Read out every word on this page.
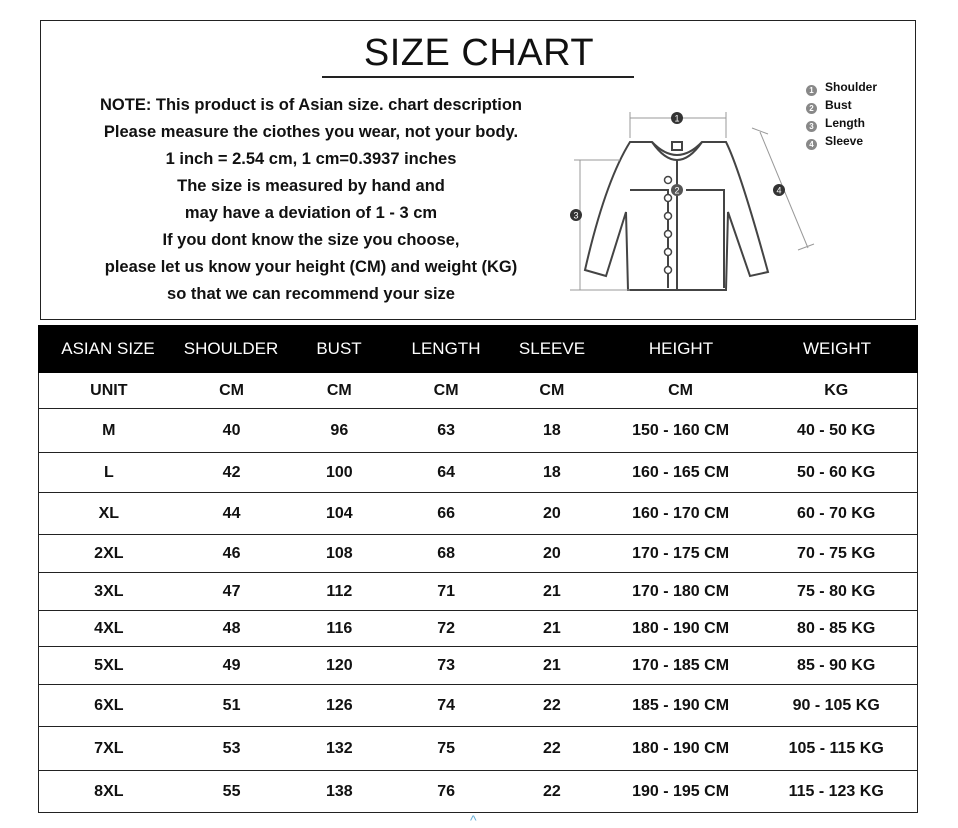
SIZE CHART
NOTE: This product is of Asian size. chart description
Please measure the ciothes you wear, not your body.
1 inch = 2.54 cm, 1 cm=0.3937 inches
The size is measured by hand and
may have a deviation of 1 - 3 cm
If you dont know the size you choose,
please let us know your height (CM) and weight (KG)
so that we can recommend your size
1 Shoulder
2 Bust
3 Length
4 Sleeve
1
2
3
4
ASIAN SIZE	SHOULDER	BUST	LENGTH	SLEEVE	HEIGHT	WEIGHT
UNIT	CM	CM	CM	CM	CM	KG
M	40	96	63	18	150 - 160 CM	40 - 50 KG
L	42	100	64	18	160 - 165 CM	50 - 60 KG
XL	44	104	66	20	160 - 170 CM	60 - 70 KG
2XL	46	108	68	20	170 - 175 CM	70 - 75 KG
3XL	47	112	71	21	170 - 180 CM	75 - 80 KG
4XL	48	116	72	21	180 - 190 CM	80 - 85 KG
5XL	49	120	73	21	170 - 185 CM	85 - 90 KG
6XL	51	126	74	22	185 - 190 CM	90 - 105 KG
7XL	53	132	75	22	180 - 190 CM	105 - 115 KG
8XL	55	138	76	22	190 - 195 CM	115 - 123 KG
^
